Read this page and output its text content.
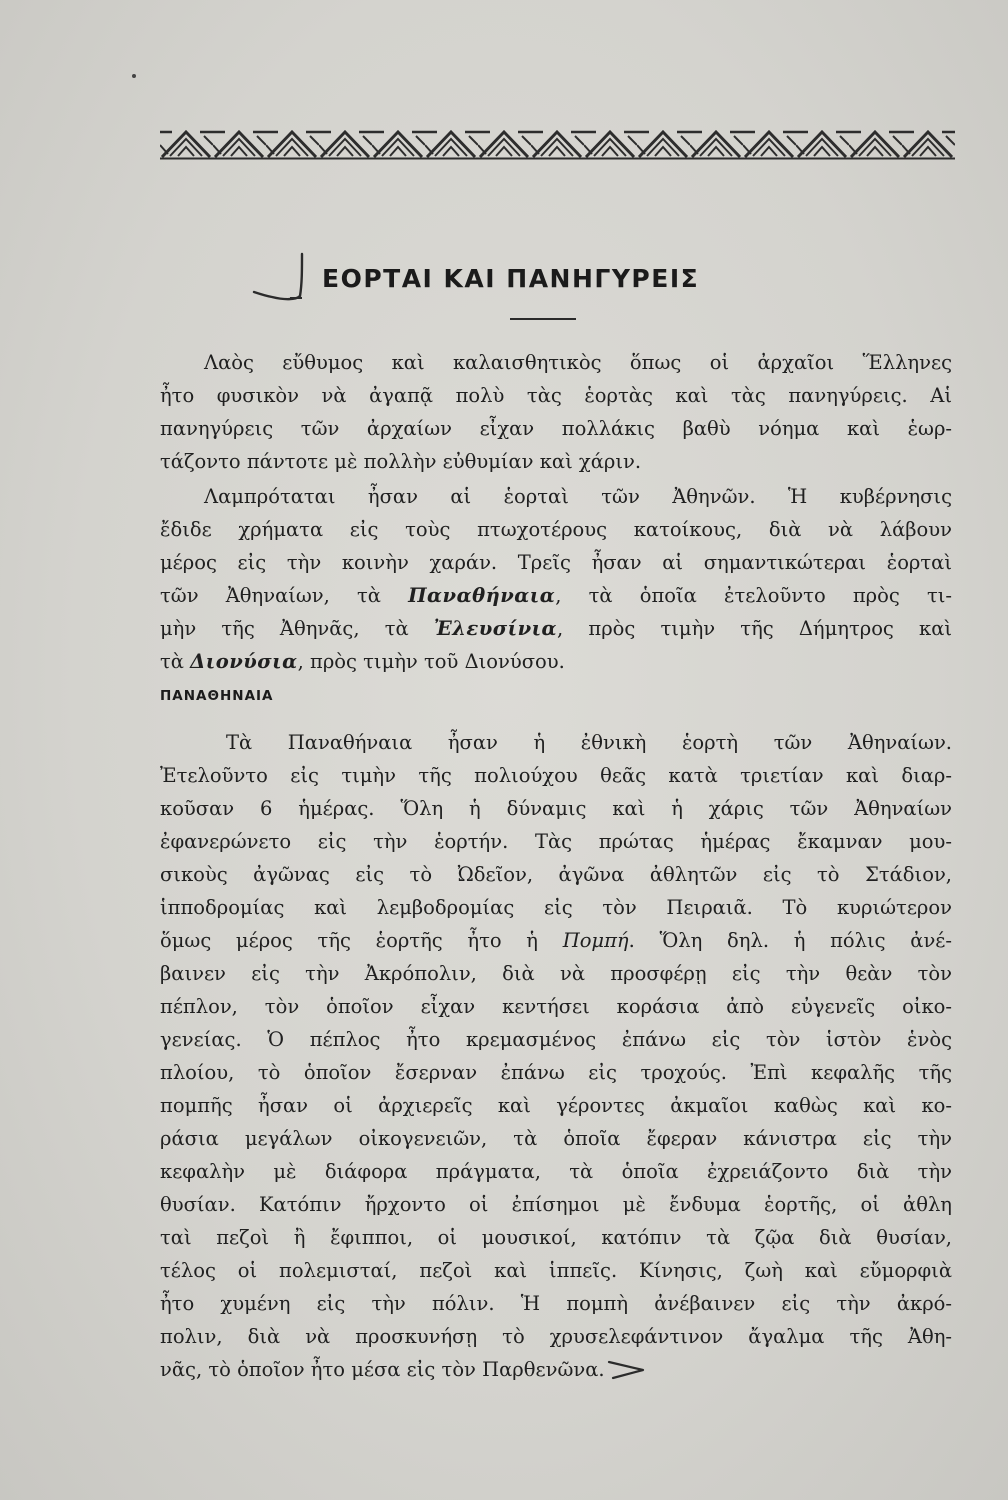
ΕΟΡΤΑΙ ΚΑΙ ΠΑΝΗΓΥΡΕΙΣ
Λαὸς εὔθυμος καὶ καλαισθητικὸς ὅπως οἱ ἀρχαῖοι Ἕλληνες
ἦτο φυσικὸν νὰ ἀγαπᾷ πολὺ τὰς ἑορτὰς καὶ τὰς πανηγύρεις. Αἱ
πανηγύρεις τῶν ἀρχαίων εἶχαν πολλάκις βαθὺ νόημα καὶ ἑωρ-
τάζοντο πάντοτε μὲ πολλὴν εὐθυμίαν καὶ χάριν.
Λαμπρόταται ἦσαν αἱ ἑορταὶ τῶν Ἀθηνῶν. Ἡ κυβέρνησις
ἔδιδε χρήματα εἰς τοὺς πτωχοτέρους κατοίκους, διὰ νὰ λάβουν
μέρος εἰς τὴν κοινὴν χαράν. Τρεῖς ἦσαν αἱ σημαντικώτεραι ἑορταὶ
τῶν Ἀθηναίων, τὰ Παναθήναια, τὰ ὁποῖα ἐτελοῦντο πρὸς τι-
μὴν τῆς Ἀθηνᾶς, τὰ Ἐλευσίνια, πρὸς τιμὴν τῆς Δήμητρος καὶ
τὰ Διονύσια, πρὸς τιμὴν τοῦ Διονύσου.
ΠΑΝΑΘΗΝΑΙΑ
Τὰ Παναθήναια ἦσαν ἡ ἐθνικὴ ἑορτὴ τῶν Ἀθηναίων.
Ἐτελοῦντο εἰς τιμὴν τῆς πολιούχου θεᾶς κατὰ τριετίαν καὶ διαρ-
κοῦσαν 6 ἡμέρας. Ὅλη ἡ δύναμις καὶ ἡ χάρις τῶν Ἀθηναίων
ἐφανερώνετο εἰς τὴν ἑορτήν. Τὰς πρώτας ἡμέρας ἔκαμναν μου-
σικοὺς ἀγῶνας εἰς τὸ Ὠδεῖον, ἀγῶνα ἀθλητῶν εἰς τὸ Στάδιον,
ἱπποδρομίας καὶ λεμβοδρομίας εἰς τὸν Πειραιᾶ. Τὸ κυριώτερον
ὅμως μέρος τῆς ἑορτῆς ἦτο ἡ Πομπή. Ὅλη δηλ. ἡ πόλις ἀνέ-
βαινεν εἰς τὴν Ἀκρόπολιν, διὰ νὰ προσφέρῃ εἰς τὴν θεὰν τὸν
πέπλον, τὸν ὁποῖον εἶχαν κεντήσει κοράσια ἀπὸ εὐγενεῖς οἰκο-
γενείας. Ὁ πέπλος ἦτο κρεμασμένος ἐπάνω εἰς τὸν ἱστὸν ἑνὸς
πλοίου, τὸ ὁποῖον ἔσερναν ἐπάνω εἰς τροχούς. Ἐπὶ κεφαλῆς τῆς
πομπῆς ἦσαν οἱ ἀρχιερεῖς καὶ γέροντες ἀκμαῖοι καθὼς καὶ κο-
ράσια μεγάλων οἰκογενειῶν, τὰ ὁποῖα ἔφεραν κάνιστρα εἰς τὴν
κεφαλὴν μὲ διάφορα πράγματα, τὰ ὁποῖα ἐχρειάζοντο διὰ τὴν
θυσίαν. Κατόπιν ἤρχοντο οἱ ἐπίσημοι μὲ ἔνδυμα ἑορτῆς, οἱ ἀθλη
ταὶ πεζοὶ ἢ ἔφιπποι, οἱ μουσικοί, κατόπιν τὰ ζῷα διὰ θυσίαν,
τέλος οἱ πολεμισταί, πεζοὶ καὶ ἱππεῖς. Κίνησις, ζωὴ καὶ εὔμορφιὰ
ἦτο χυμένη εἰς τὴν πόλιν. Ἡ πομπὴ ἀνέβαινεν εἰς τὴν ἀκρό-
πολιν, διὰ νὰ προσκυνήσῃ τὸ χρυσελεφάντινον ἄγαλμα τῆς Ἀθη-
νᾶς, τὸ ὁποῖον ἦτο μέσα εἰς τὸν Παρθενῶνα.
